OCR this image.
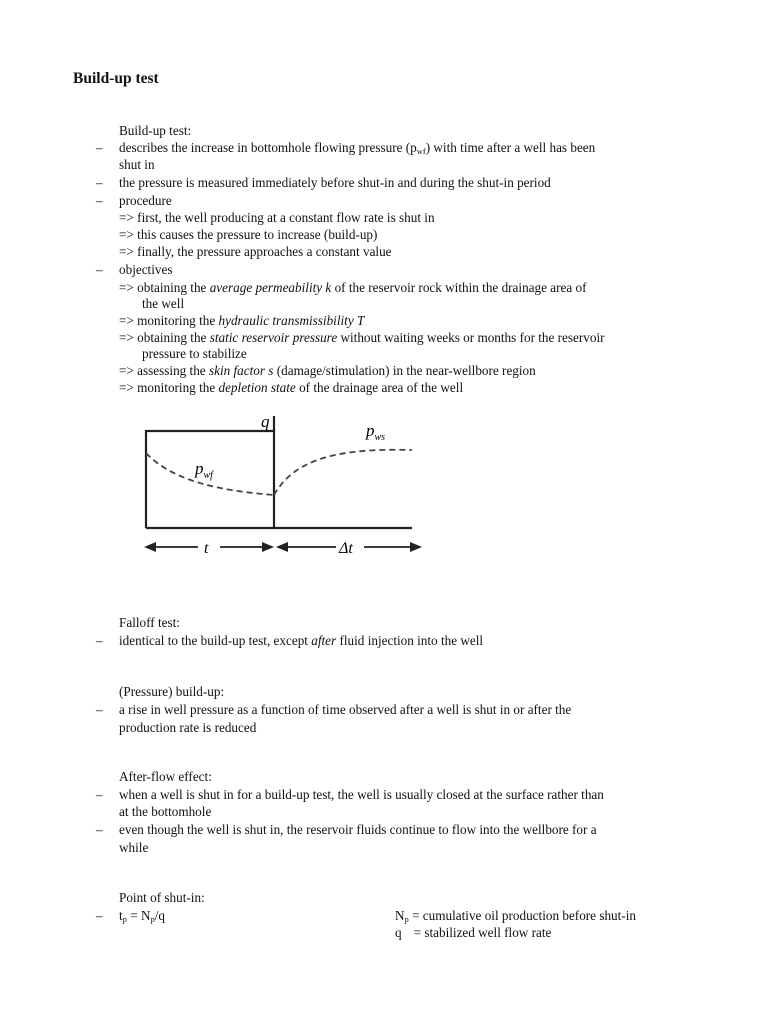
Build-up test
Build-up test:
– describes the increase in bottomhole flowing pressure $(p_{wf})$ with time after a well has been
shut in
– the pressure is measured immediately before shut-in and during the shut-in period
– procedure
=> first, the well producing at a constant flow rate is shut in
=> this causes the pressure to increase (build-up)
=> finally, the pressure approaches a constant value
– objectives
=> obtaining the average permeability k of the reservoir rock within the drainage area of
the well
=> monitoring the hydraulic transmissibility T
=> obtaining the static reservoir pressure without waiting weeks or months for the reservoir
pressure to stabilize
=> assessing the skin factor s (damage/stimulation) in the near-wellbore region
=> monitoring the depletion state of the drainage area of the well
q	$p_{ws}$
$p_{wf}$
t	Δt
Falloff test:
– identical to the build-up test, except after fluid injection into the well
(Pressure) build-up:
– a rise in well pressure as a function of time observed after a well is shut in or after the
production rate is reduced
After-flow effect:
– when a well is shut in for a build-up test, the well is usually closed at the surface rather than
at the bottomhole
– even though the well is shut in, the reservoir fluids continue to flow into the wellbore for a
while
Point of shut-in:
– $t_p = N_p/q$	$N_p$ = cumulative oil production before shut-in
q = stabilized well flow rate
